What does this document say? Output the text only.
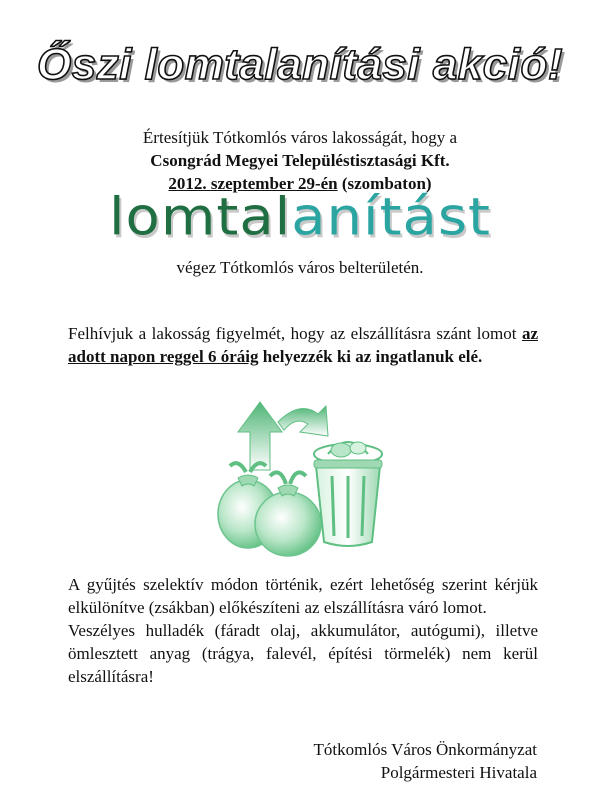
Őszi lomtalanítási akció!
Értesítjük Tótkomlós város lakosságát, hogy a
Csongrád Megyei Településtisztasági Kft.
2012. szeptember 29-én (szombaton)
lomtalanítást
végez Tótkomlós város belterületén.
Felhívjuk a lakosság figyelmét, hogy az elszállításra szánt lomot az adott napon reggel 6 óráig helyezzék ki az ingatlanuk elé.

A gyűjtés szelektív módon történik, ezért lehetőség szerint kérjük elkülönítve (zsákban) előkészíteni az elszállításra váró lomot.

Veszélyes hulladék (fáradt olaj, akkumulátor, autógumi), illetve ömlesztett anyag (trágya, falevél, építési törmelék) nem kerül elszállításra!

Tótkomlós Város Önkormányzat
Polgármesteri Hivatala
